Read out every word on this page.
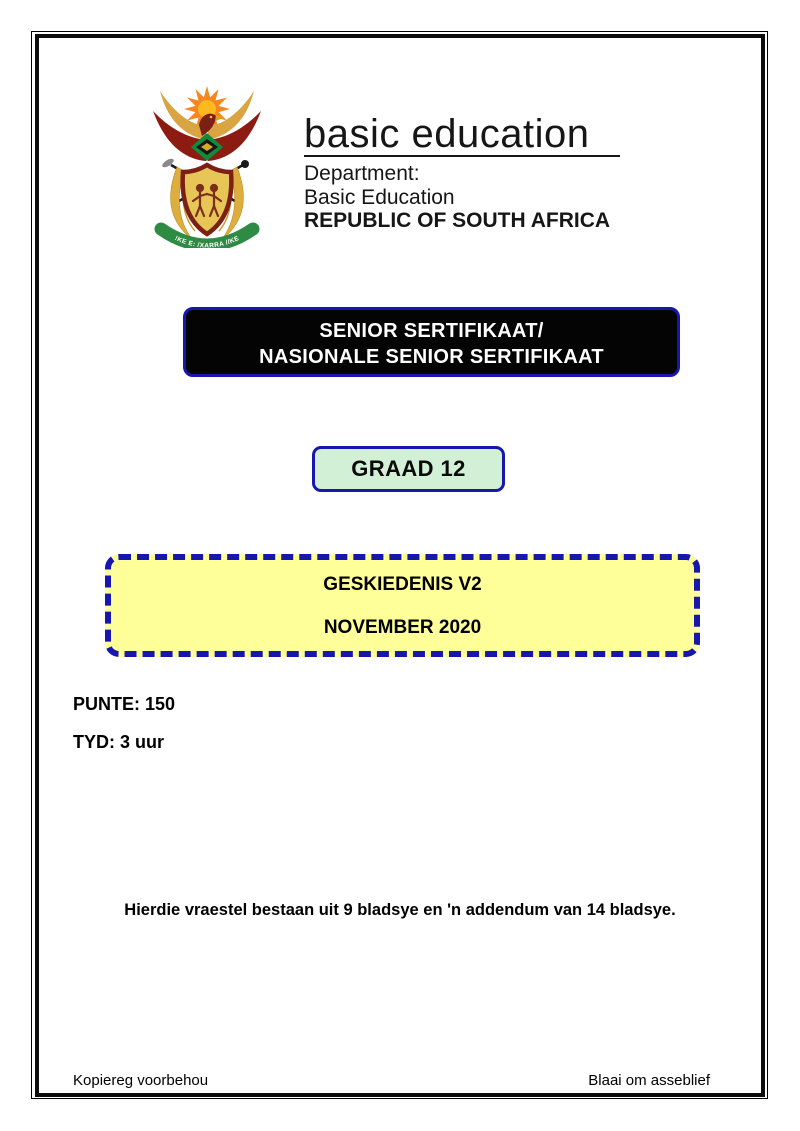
!KE E: /XARRA //KE
basic education
Department:
Basic Education
REPUBLIC OF SOUTH AFRICA
SENIOR SERTIFIKAAT/
NASIONALE SENIOR SERTIFIKAAT
GRAAD 12
GESKIEDENIS V2
NOVEMBER 2020
PUNTE: 150
TYD: 3 uur
Hierdie vraestel bestaan uit 9 bladsye en 'n addendum van 14 bladsye.
Kopiereg voorbehou	Blaai om asseblief
